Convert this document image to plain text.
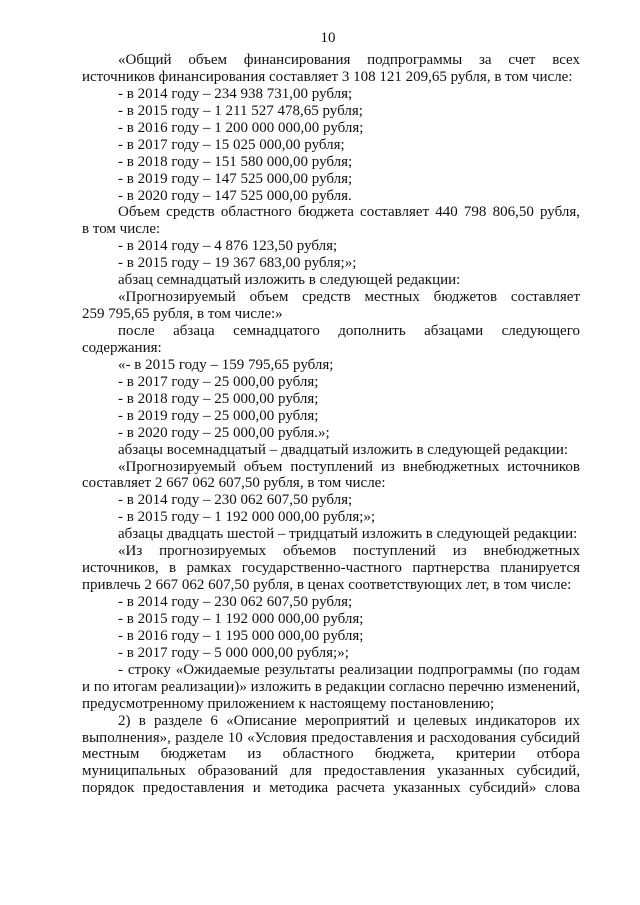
10
«Общий объем финансирования подпрограммы за счет всех
источников финансирования составляет 3 108 121 209,65 рубля, в том числе:
- в 2014 году – 234 938 731,00 рубля;
- в 2015 году – 1 211 527 478,65 рубля;
- в 2016 году – 1 200 000 000,00 рубля;
- в 2017 году – 15 025 000,00 рубля;
- в 2018 году – 151 580 000,00 рубля;
- в 2019 году – 147 525 000,00 рубля;
- в 2020 году – 147 525 000,00 рубля.
Объем средств областного бюджета составляет 440 798 806,50 рубля,
в том числе:
- в 2014 году – 4 876 123,50 рубля;
- в 2015 году – 19 367 683,00 рубля;»;
абзац семнадцатый изложить в следующей редакции:
«Прогнозируемый объем средств местных бюджетов составляет
259 795,65 рубля, в том числе:»
после абзаца семнадцатого дополнить абзацами следующего
содержания:
«- в 2015 году – 159 795,65 рубля;
- в 2017 году – 25 000,00 рубля;
- в 2018 году – 25 000,00 рубля;
- в 2019 году – 25 000,00 рубля;
- в 2020 году – 25 000,00 рубля.»;
абзацы восемнадцатый – двадцатый изложить в следующей редакции:
«Прогнозируемый объем поступлений из внебюджетных источников
составляет 2 667 062 607,50 рубля, в том числе:
- в 2014 году – 230 062 607,50 рубля;
- в 2015 году – 1 192 000 000,00 рубля;»;
абзацы двадцать шестой – тридцатый изложить в следующей редакции:
«Из прогнозируемых объемов поступлений из внебюджетных
источников, в рамках государственно-частного партнерства планируется
привлечь 2 667 062 607,50 рубля, в ценах соответствующих лет, в том числе:
- в 2014 году – 230 062 607,50 рубля;
- в 2015 году – 1 192 000 000,00 рубля;
- в 2016 году – 1 195 000 000,00 рубля;
- в 2017 году – 5 000 000,00 рубля;»;
- строку «Ожидаемые результаты реализации подпрограммы (по годам
и по итогам реализации)» изложить в редакции согласно перечню изменений,
предусмотренному приложением к настоящему постановлению;
2) в разделе 6 «Описание мероприятий и целевых индикаторов их
выполнения», разделе 10 «Условия предоставления и расходования субсидий
местным бюджетам из областного бюджета, критерии отбора
муниципальных образований для предоставления указанных субсидий,
порядок предоставления и методика расчета указанных субсидий» слова
